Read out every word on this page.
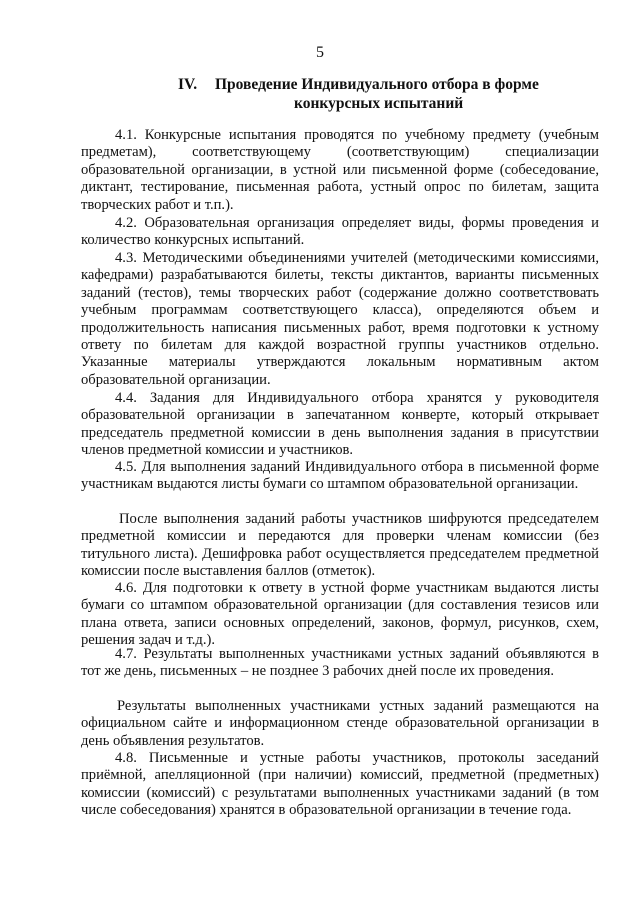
5
IV. Проведение Индивидуального отбора в форме
конкурсных испытаний

4.1. Конкурсные испытания проводятся по учебному предмету (учебным предметам), соответствующему (соответствующим) специализации образовательной организации, в устной или письменной форме (собеседование, диктант, тестирование, письменная работа, устный опрос по билетам, защита творческих работ и т.п.).

4.2. Образовательная организация определяет виды, формы проведения и количество конкурсных испытаний.

4.3. Методическими объединениями учителей (методическими комиссиями, кафедрами) разрабатываются билеты, тексты диктантов, варианты письменных заданий (тестов), темы творческих работ (содержание должно соответствовать учебным программам соответствующего класса), определяются объем и продолжительность написания письменных работ, время подготовки к устному ответу по билетам для каждой возрастной группы участников отдельно. Указанные материалы утверждаются локальным нормативным актом образовательной организации.

4.4. Задания для Индивидуального отбора хранятся у руководителя образовательной организации в запечатанном конверте, который открывает председатель предметной комиссии в день выполнения задания в присутствии членов предметной комиссии и участников.

4.5. Для выполнения заданий Индивидуального отбора в письменной форме участникам выдаются листы бумаги со штампом образовательной организации.

После выполнения заданий работы участников шифруются председателем предметной комиссии и передаются для проверки членам комиссии (без титульного листа). Дешифровка работ осуществляется председателем предметной комиссии после выставления баллов (отметок).

4.6. Для подготовки к ответу в устной форме участникам выдаются листы бумаги со штампом образовательной организации (для составления тезисов или плана ответа, записи основных определений, законов, формул, рисунков, схем, решения задач и т.д.).

4.7. Результаты выполненных участниками устных заданий объявляются в тот же день, письменных – не позднее 3 рабочих дней после их проведения.

Результаты выполненных участниками устных заданий размещаются на официальном сайте и информационном стенде образовательной организации в день объявления результатов.

4.8. Письменные и устные работы участников, протоколы заседаний приёмной, апелляционной (при наличии) комиссий, предметной (предметных) комиссии (комиссий) с результатами выполненных участниками заданий (в том числе собеседования) хранятся в образовательной организации в течение года.
